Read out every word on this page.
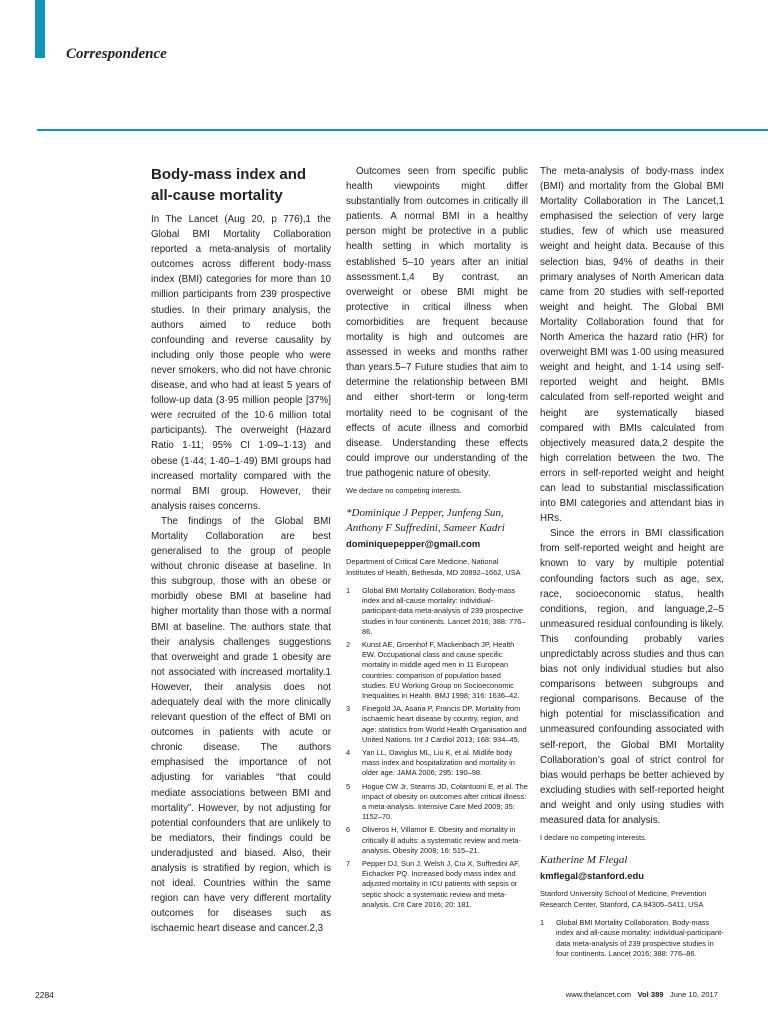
Correspondence
Body-mass index and all-cause mortality

In The Lancet (Aug 20, p 776),1 the Global BMI Mortality Collaboration reported a meta-analysis of mortality outcomes across different body-mass index (BMI) categories for more than 10 million participants from 239 prospective studies. In their primary analysis, the authors aimed to reduce both confounding and reverse causality by including only those people who were never smokers, who did not have chronic disease, and who had at least 5 years of follow-up data (3·95 million people [37%] were recruited of the 10·6 million total participants). The overweight (Hazard Ratio 1·11; 95% CI 1·09–1·13) and obese (1·44; 1·40–1·49) BMI groups had increased mortality compared with the normal BMI group. However, their analysis raises concerns.

The findings of the Global BMI Mortality Collaboration are best generalised to the group of people without chronic disease at baseline. In this subgroup, those with an obese or morbidly obese BMI at baseline had higher mortality than those with a normal BMI at baseline. The authors state that their analysis challenges suggestions that overweight and grade 1 obesity are not associated with increased mortality.1 However, their analysis does not adequately deal with the more clinically relevant question of the effect of BMI on outcomes in patients with acute or chronic disease. The authors emphasised the importance of not adjusting for variables “that could mediate associations between BMI and mortality”. However, by not adjusting for potential confounders that are unlikely to be mediators, their findings could be underadjusted and biased. Also, their analysis is stratified by region, which is not ideal. Countries within the same region can have very different mortality outcomes for diseases such as ischaemic heart disease and cancer.2,3

Outcomes seen from specific public health viewpoints might differ substantially from outcomes in critically ill patients. A normal BMI in a healthy person might be protective in a public health setting in which mortality is established 5–10 years after an initial assessment.1,4 By contrast, an overweight or obese BMI might be protective in critical illness when comorbidities are frequent because mortality is high and outcomes are assessed in weeks and months rather than years.5–7 Future studies that aim to determine the relationship between BMI and either short-term or long-term mortality need to be cognisant of the effects of acute illness and comorbid disease. Understanding these effects could improve our understanding of the true pathogenic nature of obesity.

We declare no competing interests.

*Dominique J Pepper, Junfeng Sun, Anthony F Suffredini, Sameer Kadri

dominiquepepper@gmail.com

Department of Critical Care Medicine, National Institutes of Health, Bethesda, MD 20892–1662, USA

1	Global BMI Mortality Collaboration. Body-mass index and all-cause mortality: individual-participant-data meta-analysis of 239 prospective studies in four continents. Lancet 2016; 388: 776–86.
2	Kunst AE, Groenhof F, Mackenbach JP, Health EW. Occupational class and cause specific mortality in middle aged men in 11 European countries: comparison of population based studies. EU Working Group on Socioeconomic Inequalities in Health. BMJ 1998; 316: 1636–42.
3	Finegold JA, Asaria P, Francis DP. Mortality from ischaemic heart disease by country, region, and age: statistics from World Health Organisation and United Nations. Int J Cardiol 2013; 168: 934–45.
4	Yan LL, Daviglus ML, Liu K, et al. Midlife body mass index and hospitalization and mortality in older age. JAMA 2006; 295: 190–98.
5	Hogue CW Jr, Stearns JD, Colantuoni E, et al. The impact of obesity on outcomes after critical illness: a meta-analysis. Intensive Care Med 2009; 35: 1152–70.
6	Oliveros H, Villamor E. Obesity and mortality in critically ill adults: a systematic review and meta-analysis. Obesity 2008; 16: 515–21.
7	Pepper DJ, Sun J, Welsh J, Cui X, Suffredini AF, Eichacker PQ. Increased body mass index and adjusted mortality in ICU patients with sepsis or septic shock: a systematic review and meta-analysis. Crit Care 2016; 20: 181.

The meta-analysis of body-mass index (BMI) and mortality from the Global BMI Mortality Collaboration in The Lancet,1 emphasised the selection of very large studies, few of which use measured weight and height data. Because of this selection bias, 94% of deaths in their primary analyses of North American data came from 20 studies with self-reported weight and height. The Global BMI Mortality Collaboration found that for North America the hazard ratio (HR) for overweight BMI was 1·00 using measured weight and height, and 1·14 using self-reported weight and height. BMIs calculated from self-reported weight and height are systematically biased compared with BMIs calculated from objectively measured data,2 despite the high correlation between the two. The errors in self-reported weight and height can lead to substantial misclassification into BMI categories and attendant bias in HRs.

Since the errors in BMI classification from self-reported weight and height are known to vary by multiple potential confounding factors such as age, sex, race, socioeconomic status, health conditions, region, and language,2–5 unmeasured residual confounding is likely. This confounding probably varies unpredictably across studies and thus can bias not only individual studies but also comparisons between subgroups and regional comparisons. Because of the high potential for misclassification and unmeasured confounding associated with self-report, the Global BMI Mortality Collaboration’s goal of strict control for bias would perhaps be better achieved by excluding studies with self-reported height and weight and only using studies with measured data for analysis.

I declare no competing interests.

Katherine M Flegal

kmflegal@stanford.edu

Stanford University School of Medicine, Prevention Research Center, Stanford, CA 94305–5411, USA

1	Global BMI Mortality Collaboration. Body-mass index and all-cause mortality: individual-participant-data meta-analysis of 239 prospective studies in four continents. Lancet 2016; 388: 776–86.
2284	www.thelancet.com Vol 389 June 10, 2017
